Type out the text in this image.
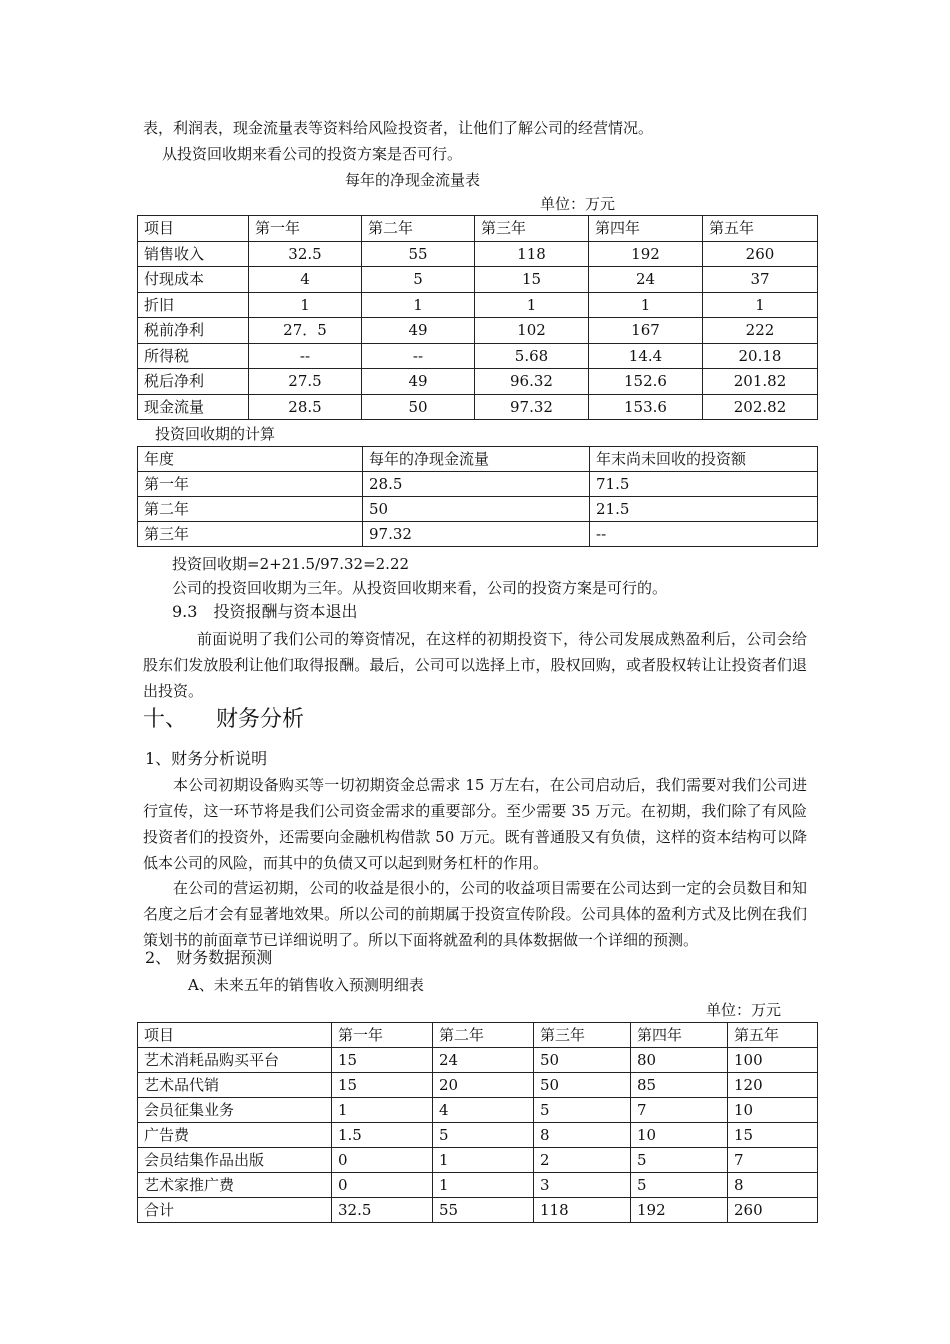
表，利润表，现金流量表等资料给风险投资者，让他们了解公司的经营情况。
从投资回收期来看公司的投资方案是否可行。
每年的净现金流量表
单位：万元
项目	第一年	第二年	第三年	第四年	第五年
销售收入	32.5	55	118	192	260
付现成本	4	5	15	24	37
折旧	1	1	1	1	1
税前净利	27．5	49	102	167	222
所得税	--	--	5.68	14.4	20.18
税后净利	27.5	49	96.32	152.6	201.82
现金流量	28.5	50	97.32	153.6	202.82
投资回收期的计算
年度	每年的净现金流量	年末尚未回收的投资额
第一年	28.5	71.5
第二年	50	21.5
第三年	97.32	--
投资回收期=2+21.5/97.32=2.22
公司的投资回收期为三年。从投资回收期来看，公司的投资方案是可行的。
9.3　投资报酬与资本退出
前面说明了我们公司的筹资情况，在这样的初期投资下，待公司发展成熟盈利后，公司会给股东们发放股利让他们取得报酬。最后，公司可以选择上市，股权回购，或者股权转让让投资者们退出投资。
十、 财务分析
1、财务分析说明
本公司初期设备购买等一切初期资金总需求 15 万左右，在公司启动后，我们需要对我们公司进行宣传，这一环节将是我们公司资金需求的重要部分。至少需要 35 万元。在初期，我们除了有风险投资者们的投资外，还需要向金融机构借款 50 万元。既有普通股又有负债，这样的资本结构可以降低本公司的风险，而其中的负债又可以起到财务杠杆的作用。
在公司的营运初期，公司的收益是很小的，公司的收益项目需要在公司达到一定的会员数目和知名度之后才会有显著地效果。所以公司的前期属于投资宣传阶段。公司具体的盈利方式及比例在我们策划书的前面章节已详细说明了。所以下面将就盈利的具体数据做一个详细的预测。
2、 财务数据预测
A、未来五年的销售收入预测明细表
单位：万元
项目	第一年	第二年	第三年	第四年	第五年
艺术消耗品购买平台	15	24	50	80	100
艺术品代销	15	20	50	85	120
会员征集业务	1	4	5	7	10
广告费	1.5	5	8	10	15
会员结集作品出版	0	1	2	5	7
艺术家推广费	0	1	3	5	8
合计	32.5	55	118	192	260
